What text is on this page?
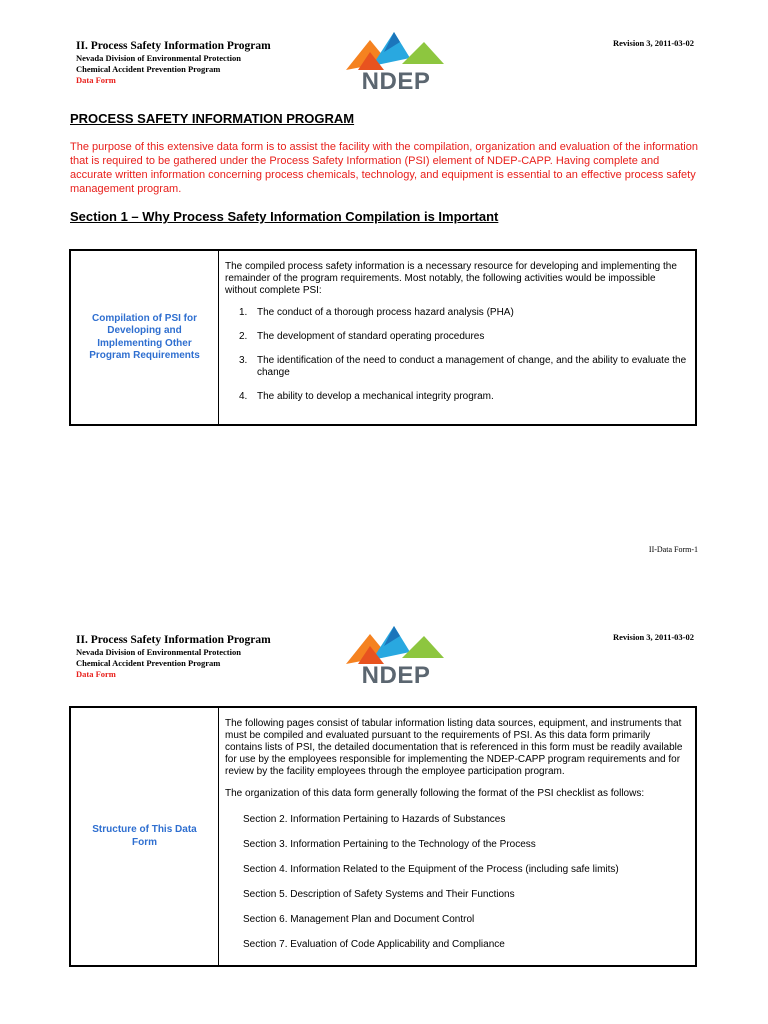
II. Process Safety Information Program
Nevada Division of Environmental Protection
Chemical Accident Prevention Program
Data Form	NDEP
Revision 3, 2011-03-02
PROCESS SAFETY INFORMATION PROGRAM
The purpose of this extensive data form is to assist the facility with the compilation, organization and evaluation of the information that is required to be gathered under the Process Safety Information (PSI) element of NDEP-CAPP. Having complete and accurate written information concerning process chemicals, technology, and equipment is essential to an effective process safety management program.
Section 1 – Why Process Safety Information Compilation is Important
Compilation of PSI for Developing and Implementing Other Program Requirements

The compiled process safety information is a necessary resource for developing and implementing the remainder of the program requirements. Most notably, the following activities would be impossible without complete PSI:

1. The conduct of a thorough process hazard analysis (PHA)
2. The development of standard operating procedures
3. The identification of the need to conduct a management of change, and the ability to evaluate the change
4. The ability to develop a mechanical integrity program.
II-Data Form-1
II. Process Safety Information Program
Nevada Division of Environmental Protection
Chemical Accident Prevention Program
Data Form	NDEP
Revision 3, 2011-03-02
Structure of This Data Form

The following pages consist of tabular information listing data sources, equipment, and instruments that must be compiled and evaluated pursuant to the requirements of PSI. As this data form primarily contains lists of PSI, the detailed documentation that is referenced in this form must be readily available for use by the employees responsible for implementing the NDEP-CAPP program requirements and for review by the facility employees through the employee participation program.

The organization of this data form generally following the format of the PSI checklist as follows:

Section 2. Information Pertaining to Hazards of Substances
Section 3. Information Pertaining to the Technology of the Process
Section 4. Information Related to the Equipment of the Process (including safe limits)
Section 5. Description of Safety Systems and Their Functions
Section 6. Management Plan and Document Control
Section 7. Evaluation of Code Applicability and Compliance
